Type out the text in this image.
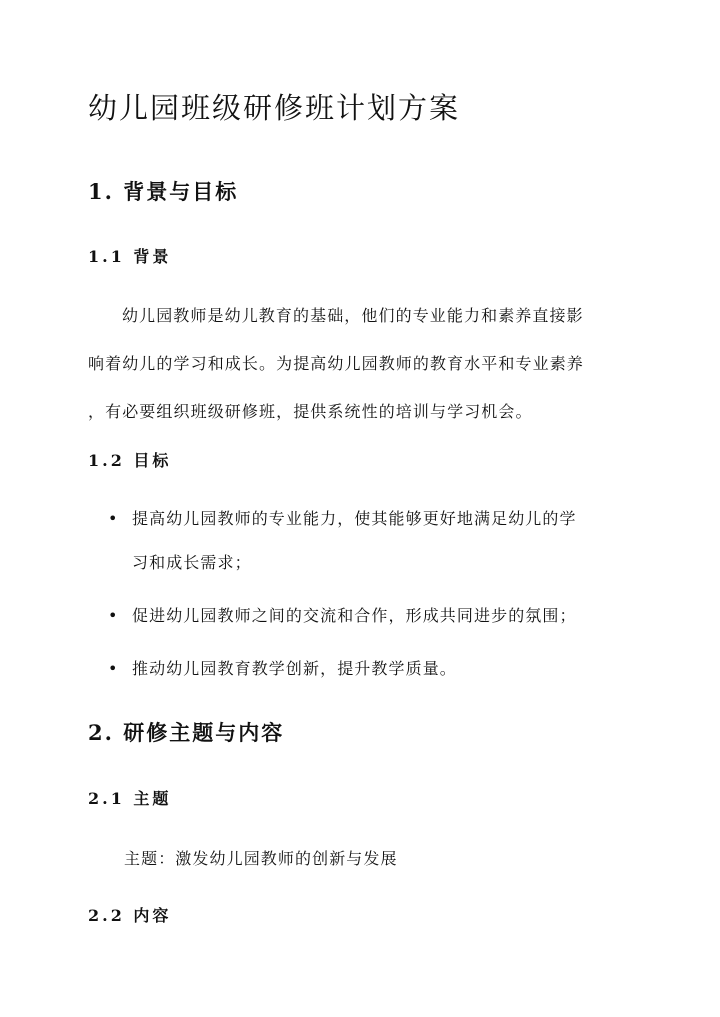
幼儿园班级研修班计划方案
1. 背景与目标
1.1 背景
幼儿园教师是幼儿教育的基础，他们的专业能力和素养直接影
响着幼儿的学习和成长。为提高幼儿园教师的教育水平和专业素养
，有必要组织班级研修班，提供系统性的培训与学习机会。
1.2 目标
• 提高幼儿园教师的专业能力，使其能够更好地满足幼儿的学
习和成长需求；
• 促进幼儿园教师之间的交流和合作，形成共同进步的氛围；
• 推动幼儿园教育教学创新，提升教学质量。
2. 研修主题与内容
2.1 主题

主题：激发幼儿园教师的创新与发展

2.2 内容
